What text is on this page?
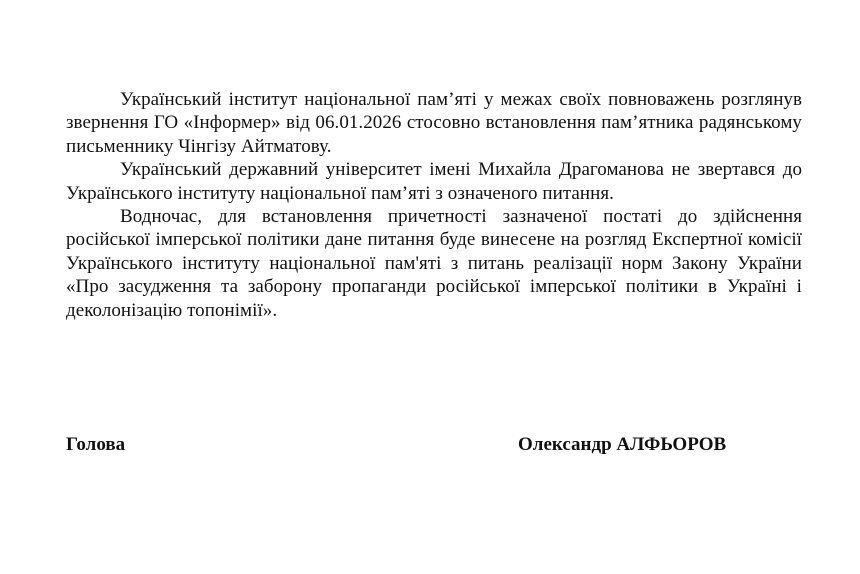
Український інститут національної пам’яті у межах своїх повноважень розглянув звернення ГО «Інформер» від 06.01.2026 стосовно встановлення пам’ятника радянському письменнику Чінгізу Айтматову.

Український державний університет імені Михайла Драгоманова не звертався до Українського інституту національної пам’яті з означеного питання.

Водночас, для встановлення причетності зазначеної постаті до здійснення російської імперської політики дане питання буде винесене на розгляд Експертної комісії Українського інституту національної пам'яті з питань реалізації норм Закону України «Про засудження та заборону пропаганди російської імперської політики в Україні і деколонізацію топонімії».

Голова	Олександр АЛФЬОРОВ
